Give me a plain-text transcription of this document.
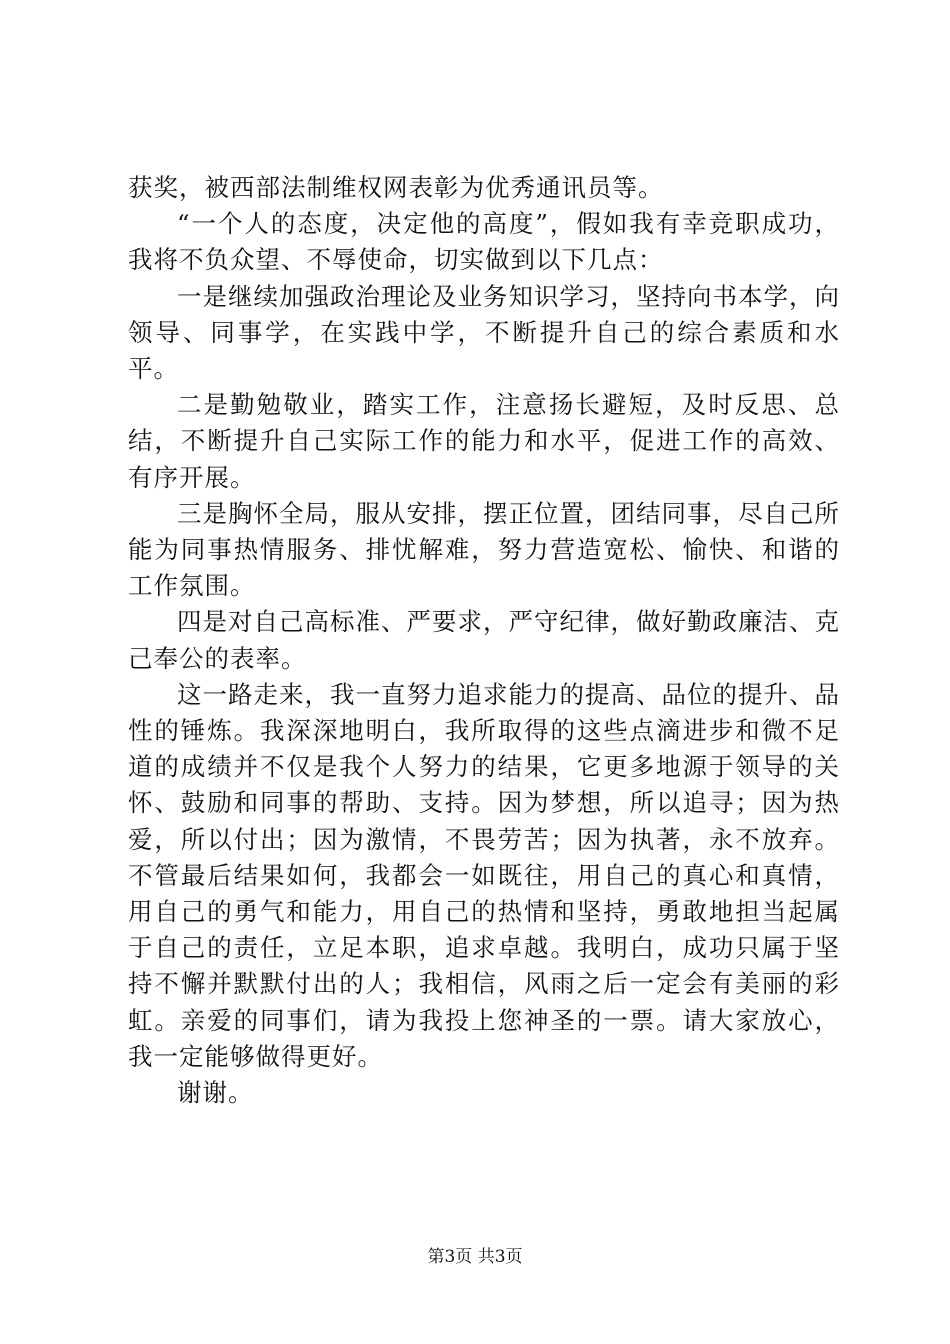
获奖，被西部法制维权网表彰为优秀通讯员等。

“一个人的态度，决定他的高度”，假如我有幸竞职成功，我将不负众望、不辱使命，切实做到以下几点：

一是继续加强政治理论及业务知识学习，坚持向书本学，向领导、同事学，在实践中学，不断提升自己的综合素质和水平。

二是勤勉敬业，踏实工作，注意扬长避短，及时反思、总结，不断提升自己实际工作的能力和水平，促进工作的高效、有序开展。

三是胸怀全局，服从安排，摆正位置，团结同事，尽自己所能为同事热情服务、排忧解难，努力营造宽松、愉快、和谐的工作氛围。

四是对自己高标准、严要求，严守纪律，做好勤政廉洁、克己奉公的表率。

这一路走来，我一直努力追求能力的提高、品位的提升、品性的锤炼。我深深地明白，我所取得的这些点滴进步和微不足道的成绩并不仅是我个人努力的结果，它更多地源于领导的关怀、鼓励和同事的帮助、支持。因为梦想，所以追寻；因为热爱，所以付出；因为激情，不畏劳苦；因为执著，永不放弃。不管最后结果如何，我都会一如既往，用自己的真心和真情，用自己的勇气和能力，用自己的热情和坚持，勇敢地担当起属于自己的责任，立足本职，追求卓越。我明白，成功只属于坚持不懈并默默付出的人；我相信，风雨之后一定会有美丽的彩虹。亲爱的同事们，请为我投上您神圣的一票。请大家放心，我一定能够做得更好。

谢谢。

第3页 共3页
